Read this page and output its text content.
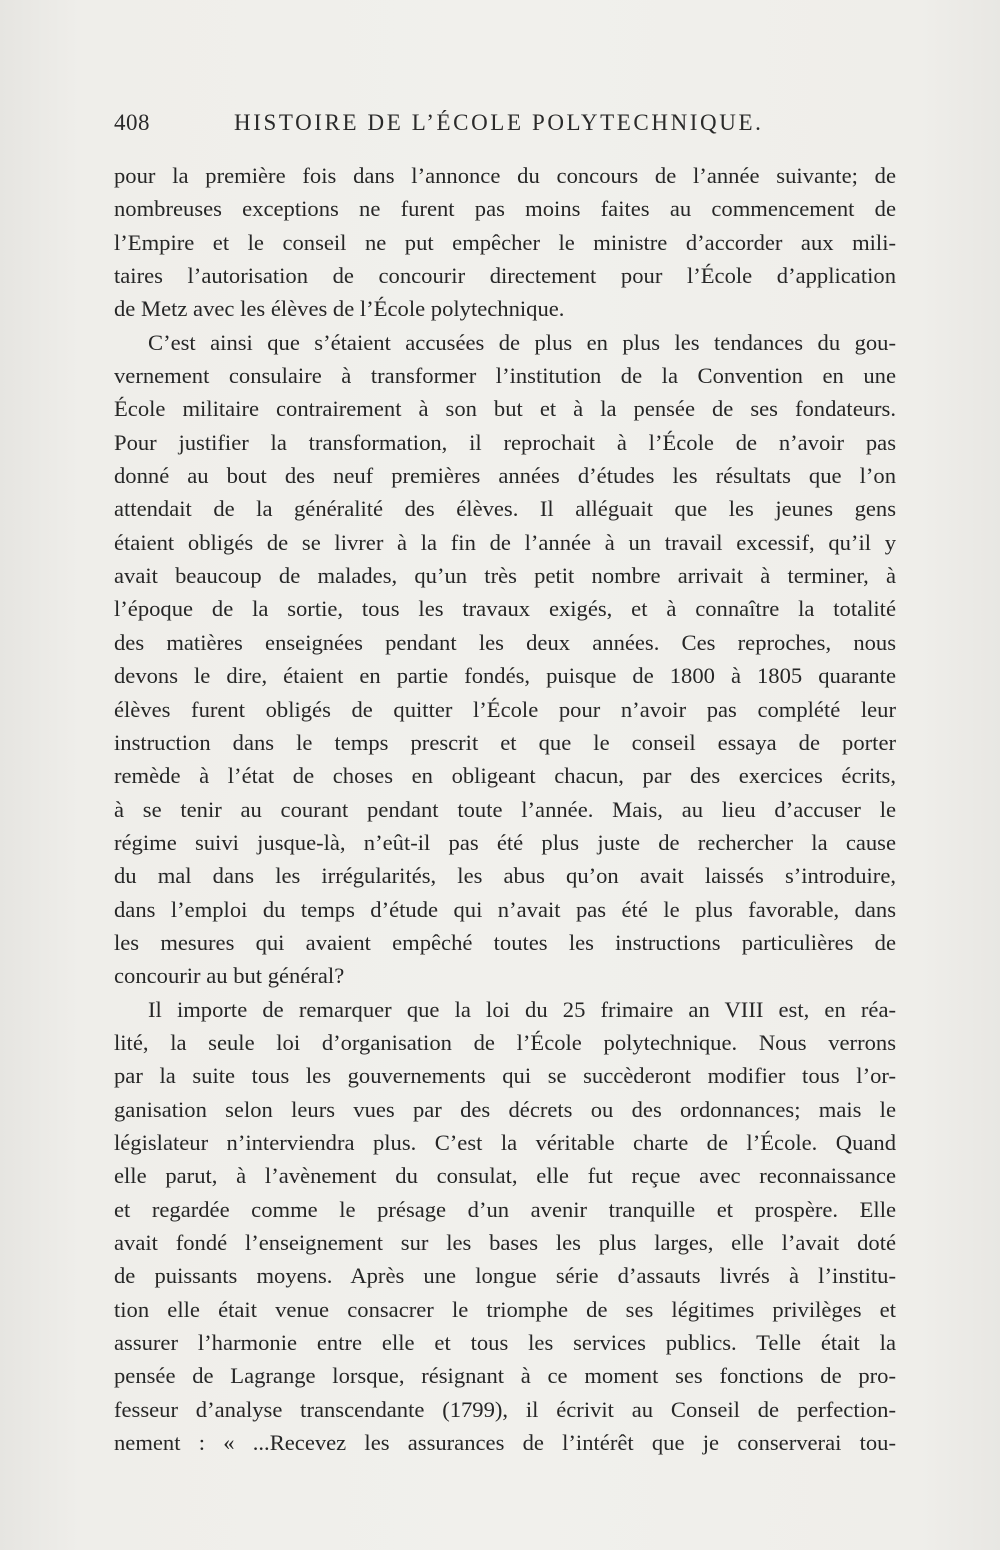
408	HISTOIRE DE L’ÉCOLE POLYTECHNIQUE.
pour la première fois dans l’annonce du concours de l’année suivante; de
nombreuses exceptions ne furent pas moins faites au commencement de
l’Empire et le conseil ne put empêcher le ministre d’accorder aux mili-
taires l’autorisation de concourir directement pour l’École d’application
de Metz avec les élèves de l’École polytechnique.
C’est ainsi que s’étaient accusées de plus en plus les tendances du gou-
vernement consulaire à transformer l’institution de la Convention en une
École militaire contrairement à son but et à la pensée de ses fondateurs.
Pour justifier la transformation, il reprochait à l’École de n’avoir pas
donné au bout des neuf premières années d’études les résultats que l’on
attendait de la généralité des élèves. Il alléguait que les jeunes gens
étaient obligés de se livrer à la fin de l’année à un travail excessif, qu’il y
avait beaucoup de malades, qu’un très petit nombre arrivait à terminer, à
l’époque de la sortie, tous les travaux exigés, et à connaître la totalité
des matières enseignées pendant les deux années. Ces reproches, nous
devons le dire, étaient en partie fondés, puisque de 1800 à 1805 quarante
élèves furent obligés de quitter l’École pour n’avoir pas complété leur
instruction dans le temps prescrit et que le conseil essaya de porter
remède à l’état de choses en obligeant chacun, par des exercices écrits,
à se tenir au courant pendant toute l’année. Mais, au lieu d’accuser le
régime suivi jusque-là, n’eût-il pas été plus juste de rechercher la cause
du mal dans les irrégularités, les abus qu’on avait laissés s’introduire,
dans l’emploi du temps d’étude qui n’avait pas été le plus favorable, dans
les mesures qui avaient empêché toutes les instructions particulières de
concourir au but général?
Il importe de remarquer que la loi du 25 frimaire an VIII est, en réa-
lité, la seule loi d’organisation de l’École polytechnique. Nous verrons
par la suite tous les gouvernements qui se succèderont modifier tous l’or-
ganisation selon leurs vues par des décrets ou des ordonnances; mais le
législateur n’interviendra plus. C’est la véritable charte de l’École. Quand
elle parut, à l’avènement du consulat, elle fut reçue avec reconnaissance
et regardée comme le présage d’un avenir tranquille et prospère. Elle
avait fondé l’enseignement sur les bases les plus larges, elle l’avait doté
de puissants moyens. Après une longue série d’assauts livrés à l’institu-
tion elle était venue consacrer le triomphe de ses légitimes privilèges et
assurer l’harmonie entre elle et tous les services publics. Telle était la
pensée de Lagrange lorsque, résignant à ce moment ses fonctions de pro-
fesseur d’analyse transcendante (1799), il écrivit au Conseil de perfection-
nement : « ...Recevez les assurances de l’intérêt que je conserverai tou-
